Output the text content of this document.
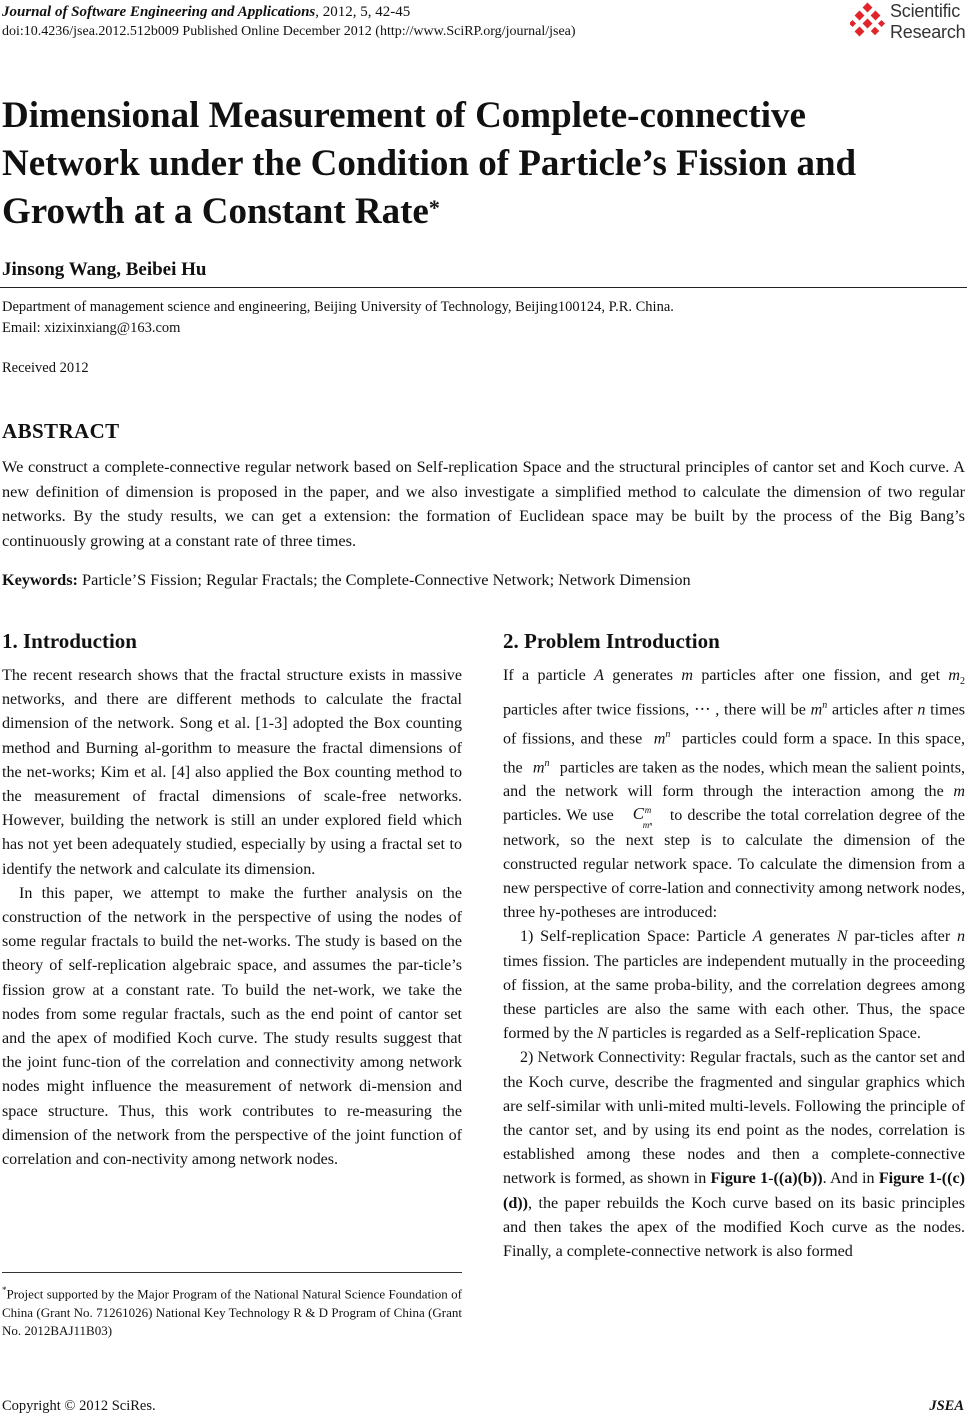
Journal of Software Engineering and Applications, 2012, 5, 42-45
doi:10.4236/jsea.2012.512b009 Published Online December 2012 (http://www.SciRP.org/journal/jsea)
Scientific
Research
Dimensional Measurement of Complete-connective
Network under the Condition of Particle’s Fission and
Growth at a Constant Rate*
Jinsong Wang, Beibei Hu
Department of management science and engineering, Beijing University of Technology, Beijing100124, P.R. China.
Email: xizixinxiang@163.com
Received 2012
ABSTRACT
We construct a complete-connective regular network based on Self-replication Space and the structural principles of cantor set and Koch curve. A new definition of dimension is proposed in the paper, and we also investigate a simplified method to calculate the dimension of two regular networks. By the study results, we can get a extension: the formation of Euclidean space may be built by the process of the Big Bang’s continuously growing at a constant rate of three times.
Keywords: Particle’S Fission; Regular Fractals; the Complete-Connective Network; Network Dimension
1. Introduction

The recent research shows that the fractal structure exists in massive networks, and there are different methods to calculate the fractal dimension of the network. Song et al. [1-3] adopted the Box counting method and Burning al-gorithm to measure the fractal dimensions of the net-works; Kim et al. [4] also applied the Box counting method to the measurement of fractal dimensions of scale-free networks. However, building the network is still an under explored field which has not yet been adequately studied, especially by using a fractal set to identify the network and calculate its dimension.

In this paper, we attempt to make the further analysis on the construction of the network in the perspective of using the nodes of some regular fractals to build the net-works. The study is based on the theory of self-replication algebraic space, and assumes the par-ticle’s fission grow at a constant rate. To build the net-work, we take the nodes from some regular fractals, such as the end point of cantor set and the apex of modified Koch curve. The study results suggest that the joint func-tion of the correlation and connectivity among network nodes might influence the measurement of network di-mension and space structure. Thus, this work contributes to re-measuring the dimension of the network from the perspective of the joint function of correlation and con-nectivity among network nodes.

*Project supported by the Major Program of the National Natural Science Foundation of China (Grant No. 71261026) National Key Technology R & D Program of China (Grant No. 2012BAJ11B03)
2. Problem Introduction

If a particle A generates m particles after one fission, and get $m_2$ particles after twice fissions, ⋅⋅⋅ , there will be $m^n$ articles after n times of fissions, and these $m^n$ particles could form a space. In this space, the $m^n$ particles are taken as the nodes, which mean the salient points, and the network will form through the interaction among the m particles. We use C m
mⁿ
to describe the total correlation degree of the network, so the next step is to calculate the dimension of the constructed regular network space. To calculate the dimension from a new perspective of corre-lation and connectivity among network nodes, three hy-potheses are introduced:

1) Self-replication Space: Particle A generates N par-ticles after n times fission. The particles are independent mutually in the proceeding of fission, at the same proba-bility, and the correlation degrees among these particles are also the same with each other. Thus, the space formed by the N particles is regarded as a Self-replication Space.

2) Network Connectivity: Regular fractals, such as the cantor set and the Koch curve, describe the fragmented and singular graphics which are self-similar with unli-mited multi-levels. Following the principle of the cantor set, and by using its end point as the nodes, correlation is established among these nodes and then a complete-connective network is formed, as shown in Figure 1-((a)(b)). And in Figure 1-((c)(d)), the paper rebuilds the Koch curve based on its basic principles and then takes the apex of the modified Koch curve as the nodes. Finally, a complete-connective network is also formed

Copyright © 2012 SciRes.	JSEA
